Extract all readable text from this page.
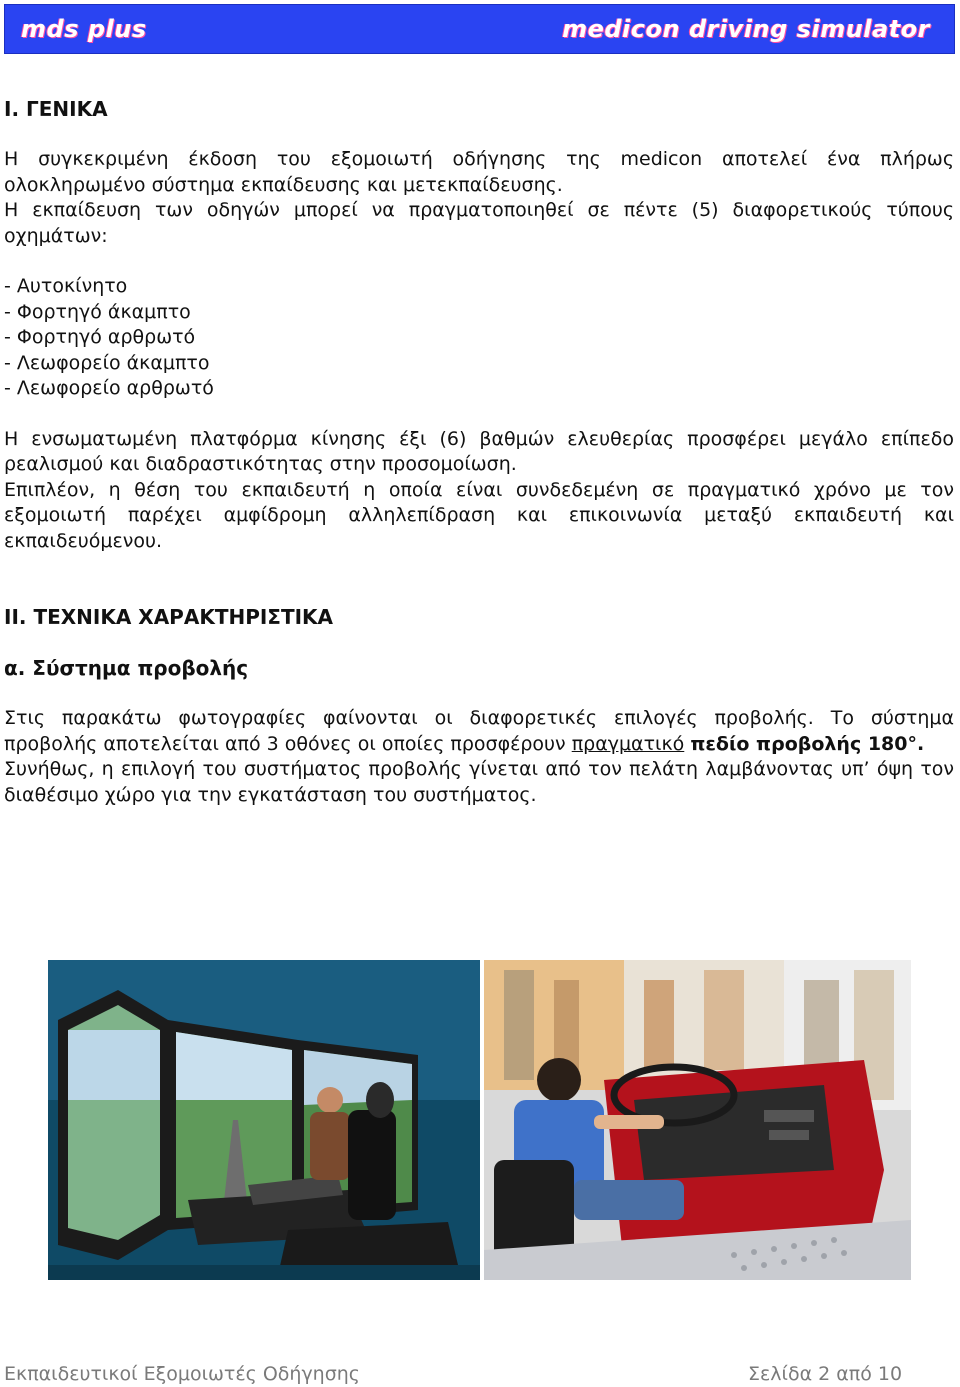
mds plus	medicon driving simulator
Ι. ΓΕΝΙΚΑ

Η συγκεκριμένη έκδοση του εξομοιωτή οδήγησης της medicon αποτελεί ένα πλήρως ολοκληρωμένο σύστημα εκπαίδευσης και μετεκπαίδευσης.

Η εκπαίδευση των οδηγών μπορεί να πραγματοποιηθεί σε πέντε (5) διαφορετικούς τύπους οχημάτων:

- Αυτοκίνητο

- Φορτηγό άκαμπτο

- Φορτηγό αρθρωτό

- Λεωφορείο άκαμπτο

- Λεωφορείο αρθρωτό

Η ενσωματωμένη πλατφόρμα κίνησης έξι (6) βαθμών ελευθερίας προσφέρει μεγάλο επίπεδο ρεαλισμού και διαδραστικότητας στην προσομοίωση.

Επιπλέον, η θέση του εκπαιδευτή η οποία είναι συνδεδεμένη σε πραγματικό χρόνο με τον εξομοιωτή παρέχει αμφίδρομη αλληλεπίδραση και επικοινωνία μεταξύ εκπαιδευτή και εκπαιδευόμενου.

ΙΙ. ΤΕΧΝΙΚΑ ΧΑΡΑΚΤΗΡΙΣΤΙΚΑ
α. Σύστημα προβολής

Στις παρακάτω φωτογραφίες φαίνονται οι διαφορετικές επιλογές προβολής. Το σύστημα προβολής αποτελείται από 3 οθόνες οι οποίες προσφέρουν πραγματικό πεδίο προβολής 180°.

Συνήθως, η επιλογή του συστήματος προβολής γίνεται από τον πελάτη λαμβάνοντας υπ’ όψη τον διαθέσιμο χώρο για την εγκατάσταση του συστήματος.

Εκπαιδευτικοί Εξομοιωτές Οδήγησης	Σελίδα 2 από 10
